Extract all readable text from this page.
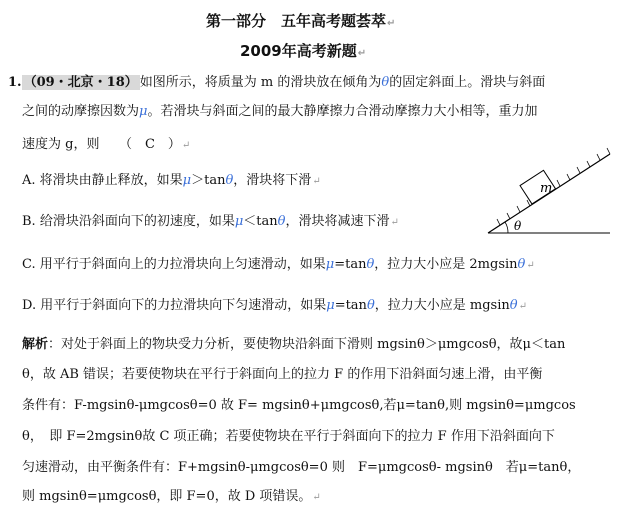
第一部分　五年高考题荟萃↵
2009年高考新题↵
1. （09・北京・18） 如图所示，将质量为 m 的滑块放在倾角为θ的固定斜面上。滑块与斜面
之间的动摩擦因数为μ。若滑块与斜面之间的最大静摩擦力合滑动摩擦力大小相等，重力加
速度为 g，则　　（　C　）↵
A. 将滑块由静止释放，如果μ＞tanθ，滑块将下滑↵
B. 给滑块沿斜面向下的初速度，如果μ＜tanθ，滑块将减速下滑↵
C. 用平行于斜面向上的力拉滑块向上匀速滑动，如果μ=tanθ，拉力大小应是 2mgsinθ↵
D. 用平行于斜面向下的力拉滑块向下匀速滑动，如果μ=tanθ，拉力大小应是 mgsinθ↵
m
θ
解析：对处于斜面上的物块受力分析，要使物块沿斜面下滑则 mgsinθ＞μmgcosθ，故μ＜tan
θ，故 AB 错误；若要使物块在平行于斜面向上的拉力 F 的作用下沿斜面匀速上滑，由平衡
条件有：F-mgsinθ-μmgcosθ=0 故 F= mgsinθ+μmgcosθ,若μ=tanθ,则 mgsinθ=μmgcos
θ，　即 F=2mgsinθ故 C 项正确；若要使物块在平行于斜面向下的拉力 F 作用下沿斜面向下
匀速滑动，由平衡条件有：F+mgsinθ-μmgcosθ=0 则　F=μmgcosθ- mgsinθ　若μ=tanθ，
则 mgsinθ=μmgcosθ，即 F=0，故 D 项错误。↵
